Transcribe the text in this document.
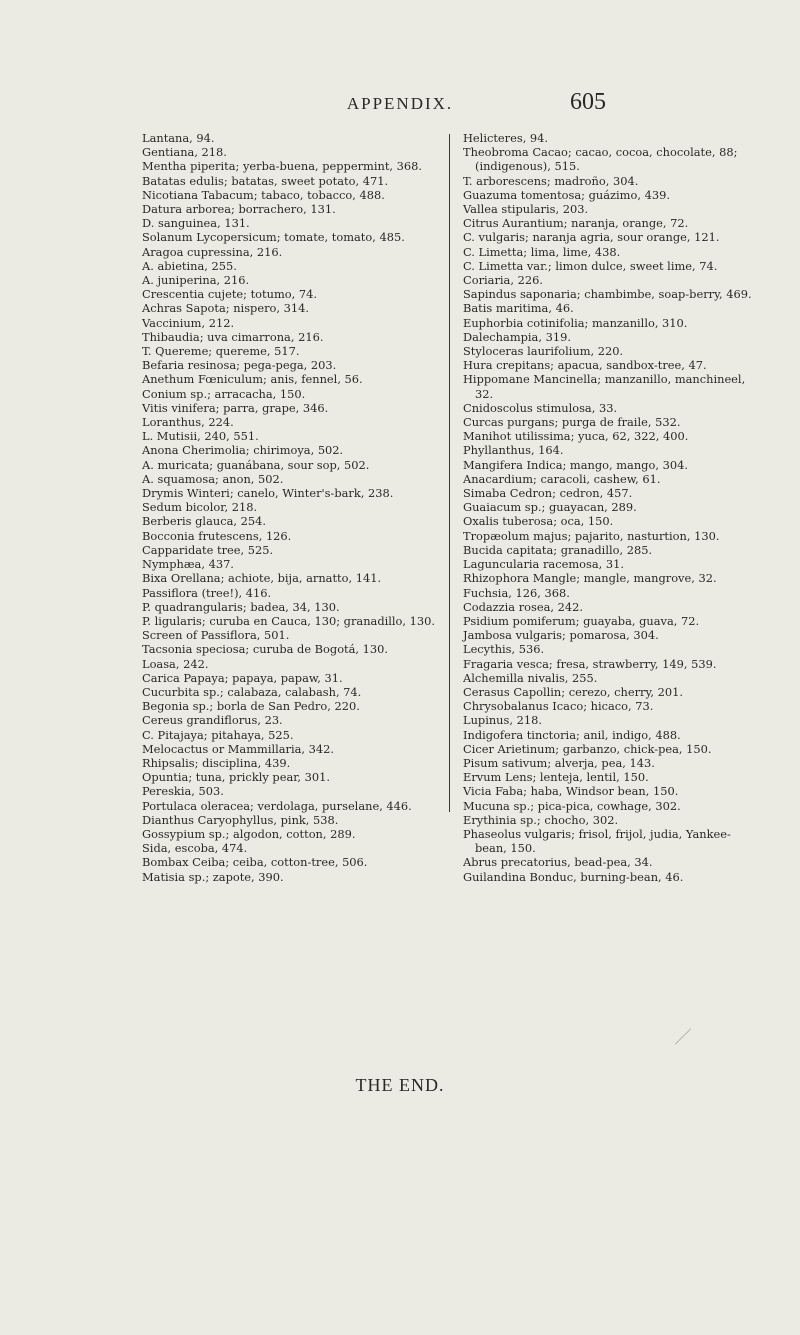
APPENDIX.	605
Lantana, 94.
Gentiana, 218.
Mentha piperita; yerba-buena, peppermint, 368.
Batatas edulis; batatas, sweet potato, 471.
Nicotiana Tabacum; tabaco, tobacco, 488.
Datura arborea; borrachero, 131.
D. sanguinea, 131.
Solanum Lycopersicum; tomate, tomato, 485.
Aragoa cupressina, 216.
A. abietina, 255.
A. juniperina, 216.
Crescentia cujete; totumo, 74.
Achras Sapota; nispero, 314.
Vaccinium, 212.
Thibaudia; uva cimarrona, 216.
T. Quereme; quereme, 517.
Befaria resinosa; pega-pega, 203.
Anethum Fœniculum; anis, fennel, 56.
Conium sp.; arracacha, 150.
Vitis vinifera; parra, grape, 346.
Loranthus, 224.
L. Mutisii, 240, 551.
Anona Cherimolia; chirimoya, 502.
A. muricata; guanábana, sour sop, 502.
A. squamosa; anon, 502.
Drymis Winteri; canelo, Winter's-bark, 238.
Sedum bicolor, 218.
Berberis glauca, 254.
Bocconia frutescens, 126.
Capparidate tree, 525.
Nymphæa, 437.
Bixa Orellana; achiote, bija, arnatto, 141.
Passiflora (tree!), 416.
P. quadrangularis; badea, 34, 130.
P. ligularis; curuba en Cauca, 130; granadillo, 130.
Screen of Passiflora, 501.
Tacsonia speciosa; curuba de Bogotá, 130.
Loasa, 242.
Carica Papaya; papaya, papaw, 31.
Cucurbita sp.; calabaza, calabash, 74.
Begonia sp.; borla de San Pedro, 220.
Cereus grandiflorus, 23.
C. Pitajaya; pitahaya, 525.
Melocactus or Mammillaria, 342.
Rhipsalis; disciplina, 439.
Opuntia; tuna, prickly pear, 301.
Pereskia, 503.
Portulaca oleracea; verdolaga, purselane, 446.
Dianthus Caryophyllus, pink, 538.
Gossypium sp.; algodon, cotton, 289.
Sida, escoba, 474.
Bombax Ceiba; ceiba, cotton-tree, 506.
Matisia sp.; zapote, 390.
Helicteres, 94.
Theobroma Cacao; cacao, cocoa, chocolate, 88; (indigenous), 515.
T. arborescens; madroño, 304.
Guazuma tomentosa; guázimo, 439.
Vallea stipularis, 203.
Citrus Aurantium; naranja, orange, 72.
C. vulgaris; naranja agria, sour orange, 121.
C. Limetta; lima, lime, 438.
C. Limetta var.; limon dulce, sweet lime, 74.
Coriaria, 226.
Sapindus saponaria; chambimbe, soap-berry, 469.
Batis maritima, 46.
Euphorbia cotinifolia; manzanillo, 310.
Dalechampia, 319.
Styloceras laurifolium, 220.
Hura crepitans; apacua, sandbox-tree, 47.
Hippomane Mancinella; manzanillo, manchineel, 32.
Cnidoscolus stimulosa, 33.
Curcas purgans; purga de fraile, 532.
Manihot utilissima; yuca, 62, 322, 400.
Phyllanthus, 164.
Mangifera Indica; mango, mango, 304.
Anacardium; caracoli, cashew, 61.
Simaba Cedron; cedron, 457.
Guaiacum sp.; guayacan, 289.
Oxalis tuberosa; oca, 150.
Tropæolum majus; pajarito, nasturtion, 130.
Bucida capitata; granadillo, 285.
Laguncularia racemosa, 31.
Rhizophora Mangle; mangle, mangrove, 32.
Fuchsia, 126, 368.
Codazzia rosea, 242.
Psidium pomiferum; guayaba, guava, 72.
Jambosa vulgaris; pomarosa, 304.
Lecythis, 536.
Fragaria vesca; fresa, strawberry, 149, 539.
Alchemilla nivalis, 255.
Cerasus Capollin; cerezo, cherry, 201.
Chrysobalanus Icaco; hicaco, 73.
Lupinus, 218.
Indigofera tinctoria; anil, indigo, 488.
Cicer Arietinum; garbanzo, chick-pea, 150.
Pisum sativum; alverja, pea, 143.
Ervum Lens; lenteja, lentil, 150.
Vicia Faba; haba, Windsor bean, 150.
Mucuna sp.; pica-pica, cowhage, 302.
Erythinia sp.; chocho, 302.
Phaseolus vulgaris; frisol, frijol, judia, Yankee-bean, 150.
Abrus precatorius, bead-pea, 34.
Guilandina Bonduc, burning-bean, 46.
THE END.
